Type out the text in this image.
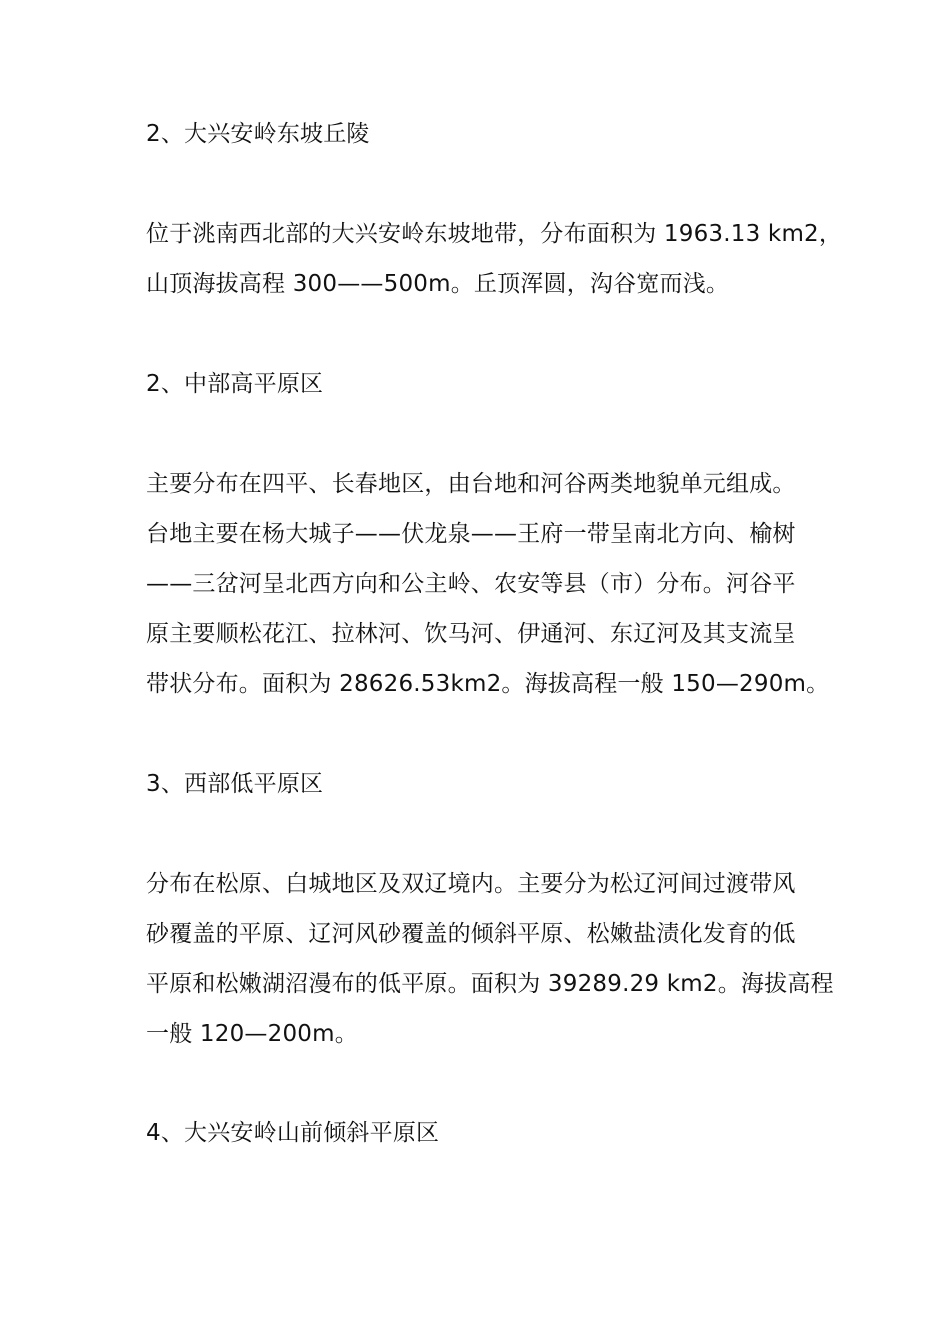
2、大兴安岭东坡丘陵
位于洮南西北部的大兴安岭东坡地带，分布面积为 1963.13 km2，
山顶海拔高程 300——500m。丘顶浑圆，沟谷宽而浅。
2、中部高平原区
主要分布在四平、长春地区，由台地和河谷两类地貌单元组成。
台地主要在杨大城子——伏龙泉——王府一带呈南北方向、榆树
——三岔河呈北西方向和公主岭、农安等县（市）分布。河谷平
原主要顺松花江、拉林河、饮马河、伊通河、东辽河及其支流呈
带状分布。面积为 28626.53km2。海拔高程一般 150—290m。
3、西部低平原区
分布在松原、白城地区及双辽境内。主要分为松辽河间过渡带风
砂覆盖的平原、辽河风砂覆盖的倾斜平原、松嫩盐渍化发育的低
平原和松嫩湖沼漫布的低平原。面积为 39289.29 km2。海拔高程
一般 120—200m。
4、大兴安岭山前倾斜平原区
